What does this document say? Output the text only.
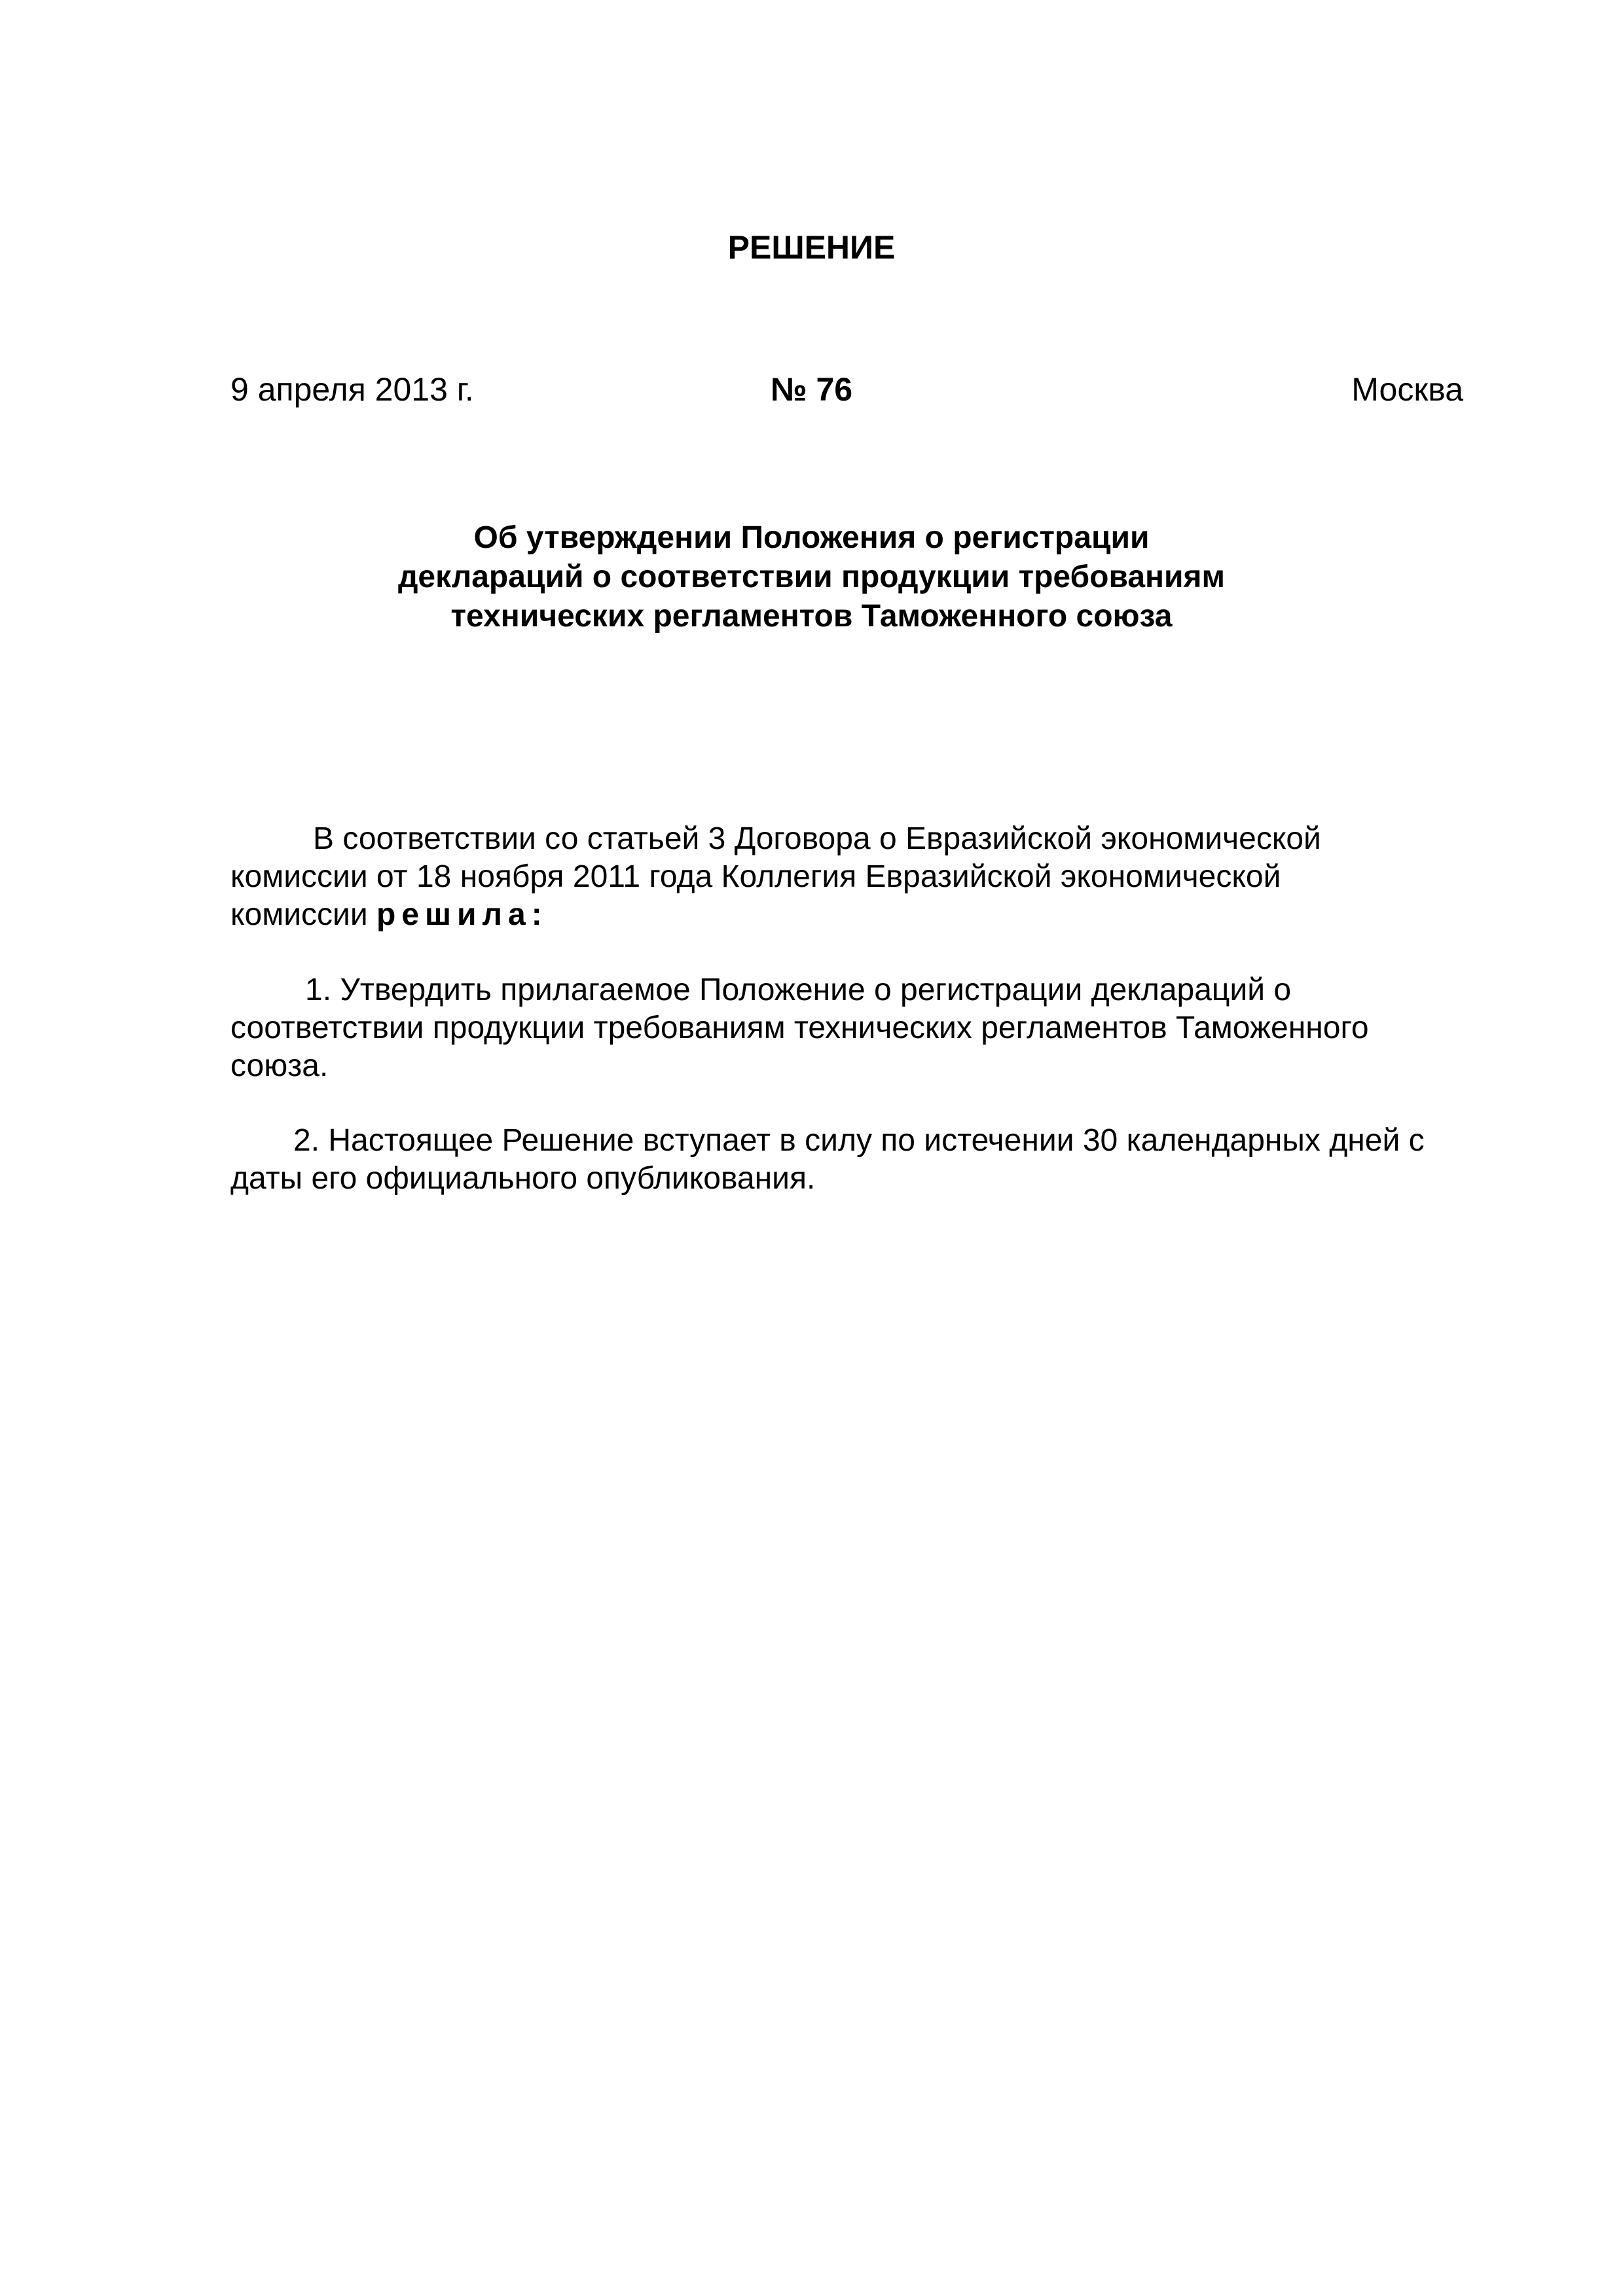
РЕШЕНИЕ
9 апреля 2013 г.	№ 76	Москва
Об утверждении Положения о регистрации
деклараций о соответствии продукции требованиям
технических регламентов Таможенного союза
В соответствии со статьей 3 Договора о Евразийской экономической
комиссии от 18 ноября 2011 года Коллегия Евразийской экономической
комиссии решила:
1. Утвердить прилагаемое Положение о регистрации деклараций о
соответствии продукции требованиям технических регламентов Таможенного
союза.
2. Настоящее Решение вступает в силу по истечении 30 календарных дней с
даты его официального опубликования.
